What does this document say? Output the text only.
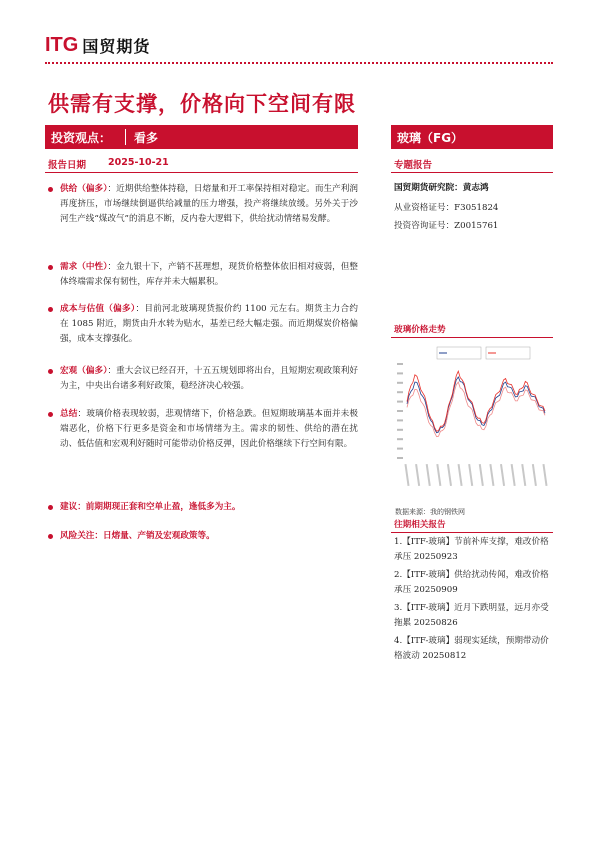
ITG 国贸期货
供需有支撑，价格向下空间有限
投资观点：	看多
报告日期 2025-10-21
供给（偏多）：近期供给整体持稳，日熔量和开工率保持相对稳定。而生产利润再度挤压，市场继续倒逼供给减量的压力增强，投产将继续放缓。另外关于沙河生产线“煤改气”的消息不断，反内卷大逻辑下，供给扰动情绪易发酵。
需求（中性）：金九银十下，产销不甚理想，现货价格整体依旧相对疲弱，但整体终端需求保有韧性，库存并未大幅累积。
成本与估值（偏多）：目前河北玻璃现货报价约 1100 元左右。期货主力合约在 1085 附近，期货由升水转为贴水，基差已经大幅走强。而近期煤炭价格偏强，成本支撑强化。
宏观（偏多）：重大会议已经召开，十五五规划即将出台，且短期宏观政策利好为主，中央出台诸多利好政策，稳经济决心较强。
总结：玻璃价格表现较弱，悲观情绪下，价格急跌。但短期玻璃基本面并未极端恶化，价格下行更多是资金和市场情绪为主。需求的韧性、供给的潜在扰动、低估值和宏观利好随时可能带动价格反弹，因此价格继续下行空间有限。
建议：前期期现正套和空单止盈，逢低多为主。
风险关注：日熔量、产销及宏观政策等。
玻璃（FG）
专题报告
国贸期货研究院：黄志鸿
从业资格证号：F3051824
投资咨询证号：Z0015761
玻璃价格走势
数据来源：我的钢铁网
往期相关报告
1.【ITF-玻璃】节前补库支撑，难改价格承压 20250923
2.【ITF-玻璃】供给扰动传闻，难改价格承压 20250909
3.【ITF-玻璃】近月下跌明显，远月亦受拖累 20250826
4.【ITF-玻璃】弱现实延续，预期带动价格波动 20250812
